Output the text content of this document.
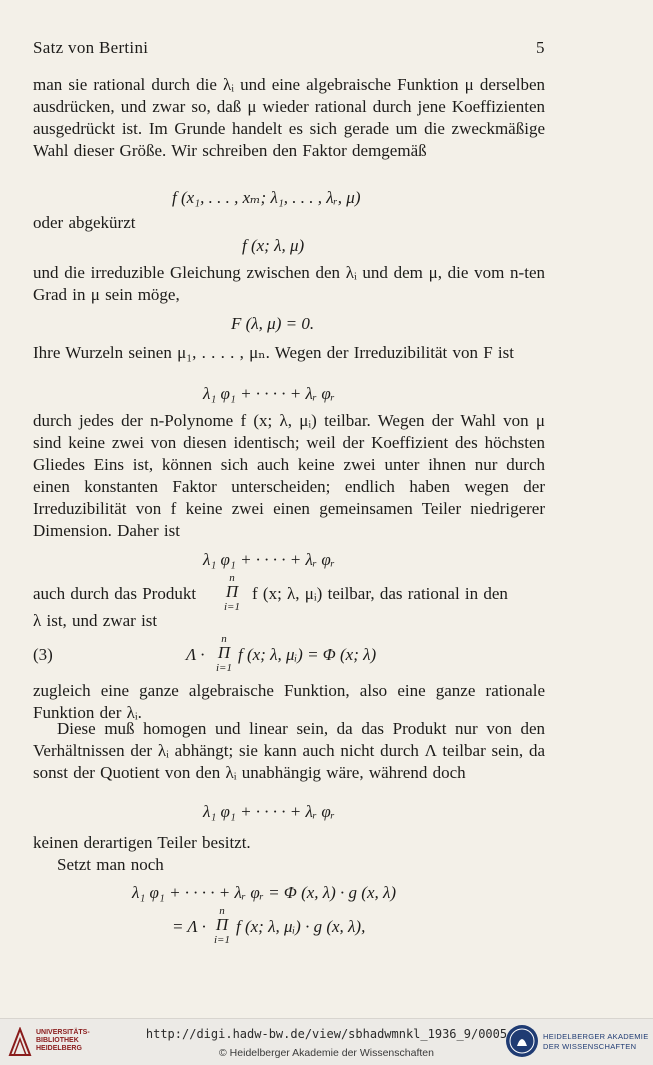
Satz von Bertini	5

man sie rational durch die λᵢ und eine algebraische Funktion μ derselben ausdrücken, und zwar so, daß μ wieder rational durch jene Koeffizienten ausgedrückt ist. Im Grunde handelt es sich gerade um die zweckmäßige Wahl dieser Größe. Wir schreiben den Faktor demgemäß

f (x₁, . . . , xₘ; λ₁, . . . , λᵣ, μ)

oder abgekürzt

f (x; λ, μ)

und die irreduzible Gleichung zwischen den λᵢ und dem μ, die vom n-ten Grad in μ sein möge,

F (λ, μ) = 0.

Ihre Wurzeln seinen μ₁, . . . . , μₙ. Wegen der Irreduzibilität von F ist

λ₁ φ₁ + · · · · + λᵣ φᵣ

durch jedes der n-Polynome f (x; λ, μᵢ) teilbar. Wegen der Wahl von μ sind keine zwei von diesen identisch; weil der Koeffizient des höchsten Gliedes Eins ist, können sich auch keine zwei unter ihnen nur durch einen konstanten Faktor unterscheiden; endlich haben wegen der Irreduzibilität von f keine zwei einen gemeinsamen Teiler niedrigerer Dimension. Daher ist

λ₁ φ₁ + · · · · + λᵣ φᵣ
auch durch das Produkt
n
Π
i=1
f (x; λ, μᵢ) teilbar, das rational in den
λ ist, und zwar ist
(3)	Λ ·
n
Π
i=1
f (x; λ, μᵢ) = Φ (x; λ)

zugleich eine ganze algebraische Funktion, also eine ganze rationale Funktion der λᵢ.

Diese muß homogen und linear sein, da das Produkt nur von den Verhältnissen der λᵢ abhängt; sie kann auch nicht durch Λ teilbar sein, da sonst der Quotient von den λᵢ unabhängig wäre, während doch

λ₁ φ₁ + · · · · + λᵣ φᵣ

keinen derartigen Teiler besitzt.

Setzt man noch

λ₁ φ₁ + · · · · + λᵣ φᵣ = Φ (x, λ) · g (x, λ)
= Λ ·
n
Π
i=1
f (x; λ, μᵢ) · g (x, λ),
UNIVERSITÄTS-
BIBLIOTHEK
HEIDELBERG
http://digi.hadw-bw.de/view/sbhadwmnkl_1936_9/0005
© Heidelberger Akademie der Wissenschaften
HEIDELBERGER AKADEMIE
DER WISSENSCHAFTEN
